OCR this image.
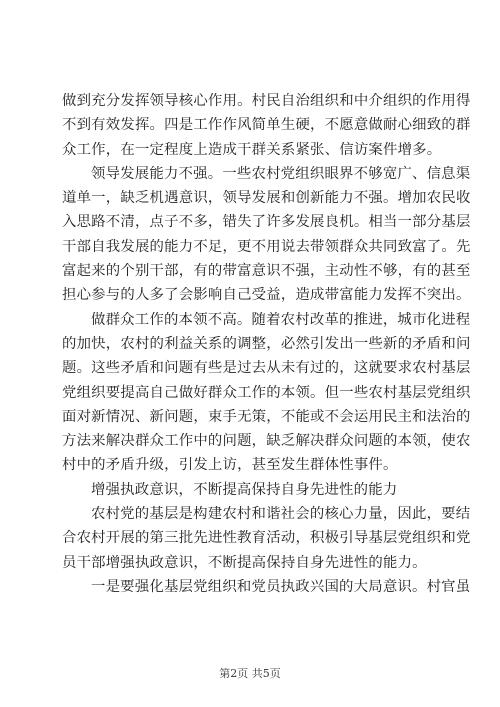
做到充分发挥领导核心作用。村民自治组织和中介组织的作用得
不到有效发挥。四是工作作风简单生硬，不愿意做耐心细致的群
众工作，在一定程度上造成干群关系紧张、信访案件增多。
领导发展能力不强。一些农村党组织眼界不够宽广、信息渠
道单一，缺乏机遇意识，领导发展和创新能力不强。增加农民收
入思路不清，点子不多，错失了许多发展良机。相当一部分基层
干部自我发展的能力不足，更不用说去带领群众共同致富了。先
富起来的个别干部，有的带富意识不强，主动性不够，有的甚至
担心参与的人多了会影响自己受益，造成带富能力发挥不突出。
做群众工作的本领不高。随着农村改革的推进，城市化进程
的加快，农村的利益关系的调整，必然引发出一些新的矛盾和问
题。这些矛盾和问题有些是过去从未有过的，这就要求农村基层
党组织要提高自己做好群众工作的本领。但一些农村基层党组织
面对新情况、新问题，束手无策，不能或不会运用民主和法治的
方法来解决群众工作中的问题，缺乏解决群众问题的本领，使农
村中的矛盾升级，引发上访，甚至发生群体性事件。
增强执政意识，不断提高保持自身先进性的能力
农村党的基层是构建农村和谐社会的核心力量，因此，要结
合农村开展的第三批先进性教育活动，积极引导基层党组织和党
员干部增强执政意识，不断提高保持自身先进性的能力。
一是要强化基层党组织和党员执政兴国的大局意识。村官虽
第2页 共5页
